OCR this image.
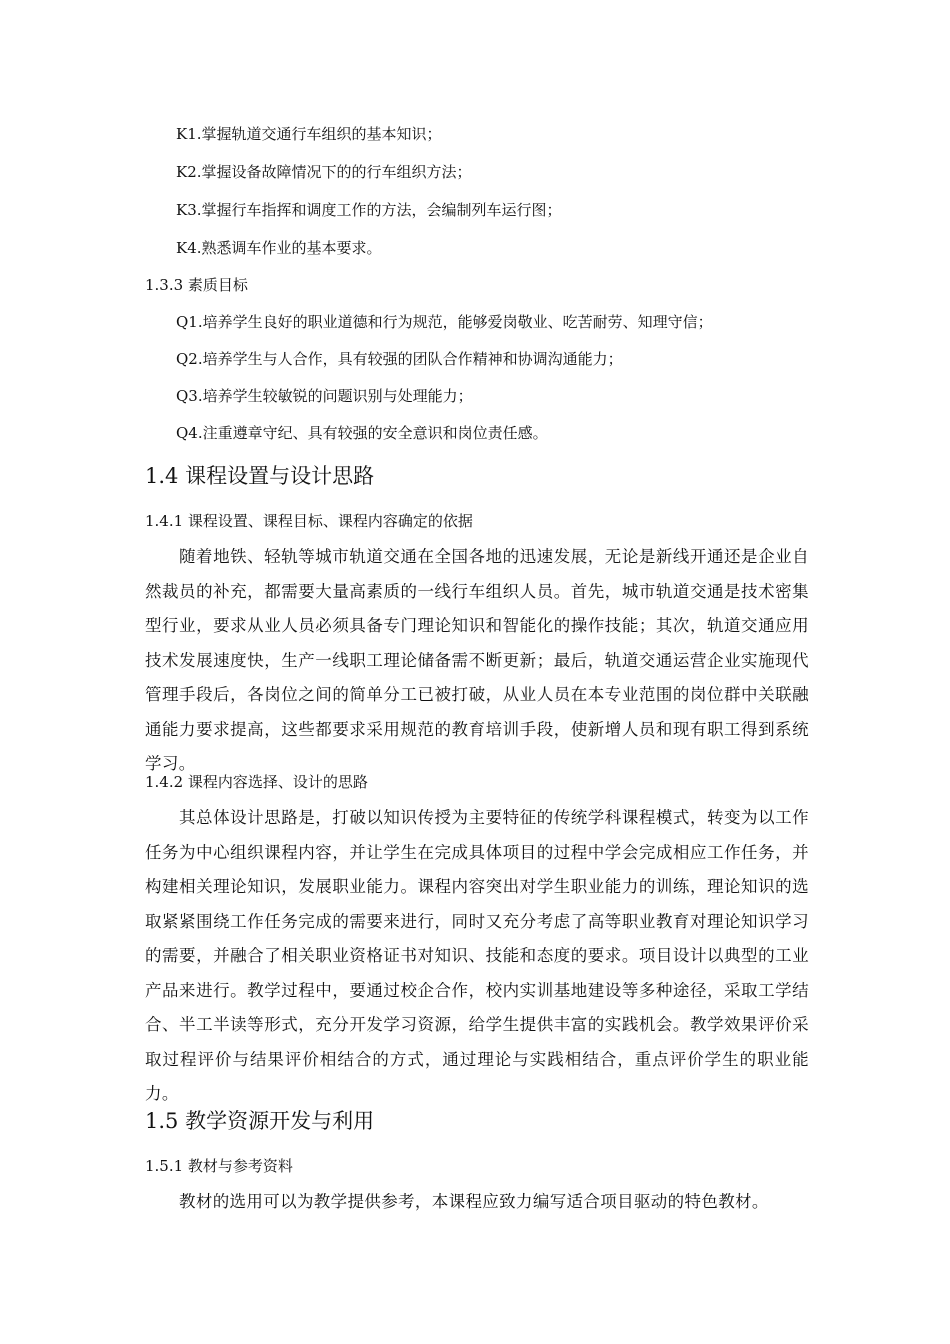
K1.掌握轨道交通行车组织的基本知识；
K2.掌握设备故障情况下的的行车组织方法；
K3.掌握行车指挥和调度工作的方法，会编制列车运行图；
K4.熟悉调车作业的基本要求。
1.3.3 素质目标
Q1.培养学生良好的职业道德和行为规范，能够爱岗敬业、吃苦耐劳、知理守信；
Q2.培养学生与人合作，具有较强的团队合作精神和协调沟通能力；
Q3.培养学生较敏锐的问题识别与处理能力；
Q4.注重遵章守纪、具有较强的安全意识和岗位责任感。
1.4 课程设置与设计思路
1.4.1 课程设置、课程目标、课程内容确定的依据
随着地铁、轻轨等城市轨道交通在全国各地的迅速发展，无论是新线开通还是企业自然裁员的补充，都需要大量高素质的一线行车组织人员。首先，城市轨道交通是技术密集型行业，要求从业人员必须具备专门理论知识和智能化的操作技能；其次，轨道交通应用技术发展速度快，生产一线职工理论储备需不断更新；最后，轨道交通运营企业实施现代管理手段后，各岗位之间的简单分工已被打破，从业人员在本专业范围的岗位群中关联融通能力要求提高，这些都要求采用规范的教育培训手段，使新增人员和现有职工得到系统学习。
1.4.2 课程内容选择、设计的思路
其总体设计思路是，打破以知识传授为主要特征的传统学科课程模式，转变为以工作任务为中心组织课程内容，并让学生在完成具体项目的过程中学会完成相应工作任务，并构建相关理论知识，发展职业能力。课程内容突出对学生职业能力的训练，理论知识的选取紧紧围绕工作任务完成的需要来进行，同时又充分考虑了高等职业教育对理论知识学习的需要，并融合了相关职业资格证书对知识、技能和态度的要求。项目设计以典型的工业产品来进行。教学过程中，要通过校企合作，校内实训基地建设等多种途径，采取工学结合、半工半读等形式，充分开发学习资源，给学生提供丰富的实践机会。教学效果评价采取过程评价与结果评价相结合的方式，通过理论与实践相结合，重点评价学生的职业能力。
1.5 教学资源开发与利用
1.5.1 教材与参考资料
教材的选用可以为教学提供参考，本课程应致力编写适合项目驱动的特色教材。
